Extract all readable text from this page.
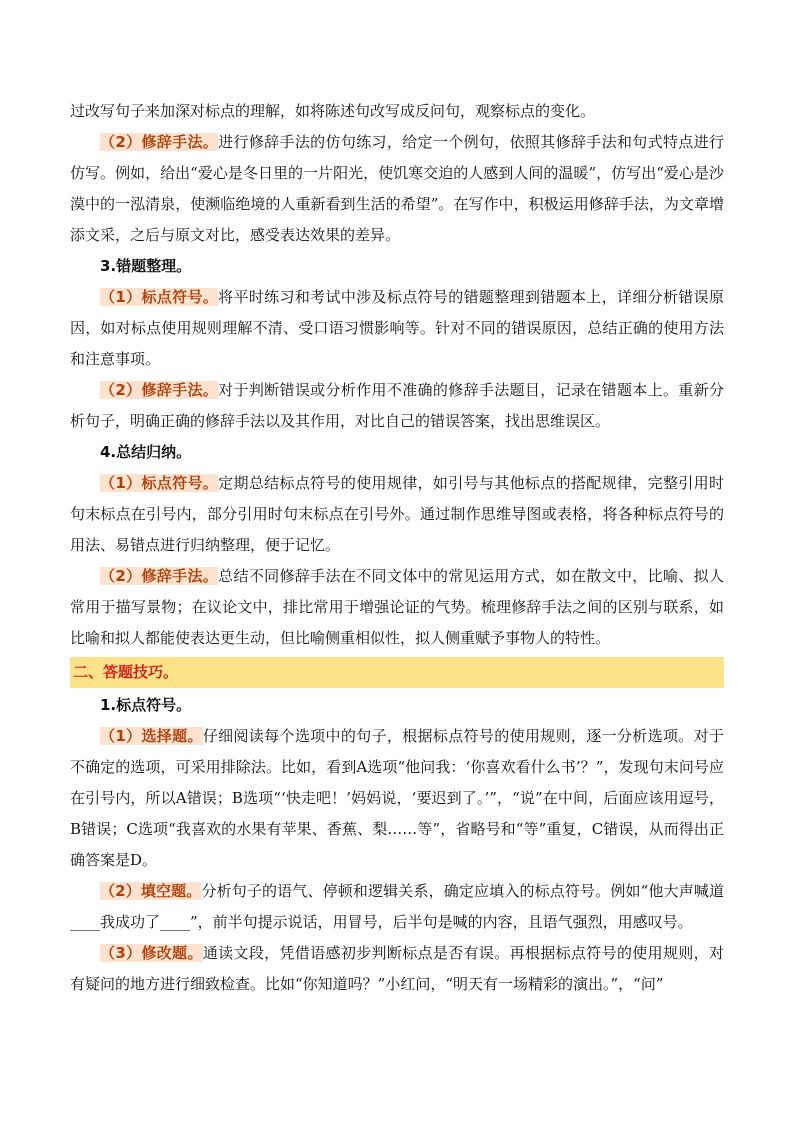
过改写句子来加深对标点的理解，如将陈述句改写成反问句，观察标点的变化。

（2）修辞手法。进行修辞手法的仿句练习，给定一个例句，依照其修辞手法和句式特点进行仿写。例如，给出“爱心是冬日里的一片阳光，使饥寒交迫的人感到人间的温暖”，仿写出“爱心是沙漠中的一泓清泉，使濒临绝境的人重新看到生活的希望”。在写作中，积极运用修辞手法，为文章增添文采，之后与原文对比，感受表达效果的差异。

3.错题整理。

（1）标点符号。将平时练习和考试中涉及标点符号的错题整理到错题本上，详细分析错误原因，如对标点使用规则理解不清、受口语习惯影响等。针对不同的错误原因，总结正确的使用方法和注意事项。

（2）修辞手法。对于判断错误或分析作用不准确的修辞手法题目，记录在错题本上。重新分析句子，明确正确的修辞手法以及其作用，对比自己的错误答案，找出思维误区。

4.总结归纳。

（1）标点符号。定期总结标点符号的使用规律，如引号与其他标点的搭配规律，完整引用时句末标点在引号内，部分引用时句末标点在引号外。通过制作思维导图或表格，将各种标点符号的用法、易错点进行归纳整理，便于记忆。

（2）修辞手法。总结不同修辞手法在不同文体中的常见运用方式，如在散文中，比喻、拟人常用于描写景物；在议论文中，排比常用于增强论证的气势。梳理修辞手法之间的区别与联系，如比喻和拟人都能使表达更生动，但比喻侧重相似性，拟人侧重赋予事物人的特性。

二、答题技巧。

1.标点符号。

（1）选择题。仔细阅读每个选项中的句子，根据标点符号的使用规则，逐一分析选项。对于不确定的选项，可采用排除法。比如，看到A选项“他问我：‘你喜欢看什么书’？”，发现句末问号应在引号内，所以A错误；B选项“‘快走吧！’妈妈说，‘要迟到了。’”，“说”在中间，后面应该用逗号，B错误；C选项“我喜欢的水果有苹果、香蕉、梨……等”，省略号和“等”重复，C错误，从而得出正确答案是D。

（2）填空题。分析句子的语气、停顿和逻辑关系，确定应填入的标点符号。例如“他大声喊道____我成功了____”，前半句提示说话，用冒号，后半句是喊的内容，且语气强烈，用感叹号。

（3）修改题。通读文段，凭借语感初步判断标点是否有误。再根据标点符号的使用规则，对有疑问的地方进行细致检查。比如“你知道吗？”小红问，“明天有一场精彩的演出。”，“问”
